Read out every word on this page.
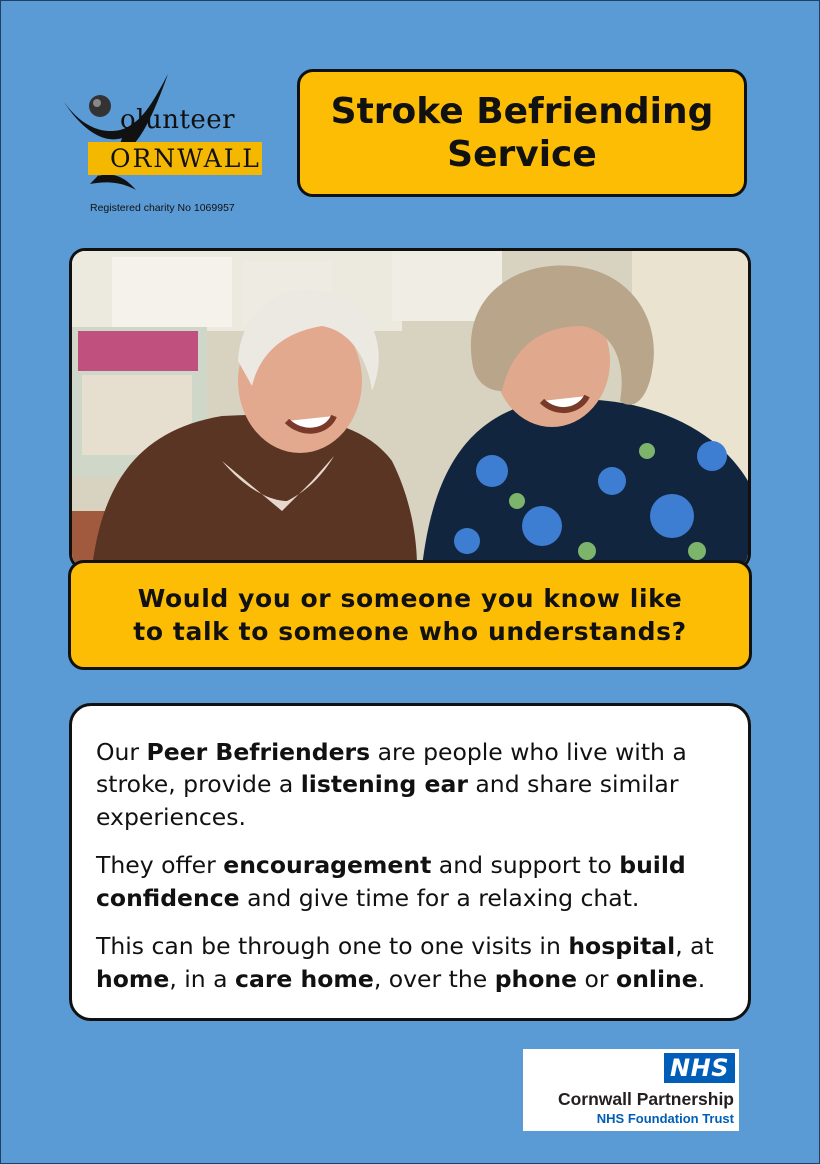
olunteer
ORNWALL
Registered charity No 1069957
Stroke Befriending Service
Would you or someone you know like
to talk to someone who understands?

Our Peer Befrienders are people who live with a stroke, provide a listening ear and share similar experiences.

They offer encouragement and support to build confidence and give time for a relaxing chat.

This can be through one to one visits in hospital, at home, in a care home, over the phone or online.

NHS
Cornwall Partnership
NHS Foundation Trust
